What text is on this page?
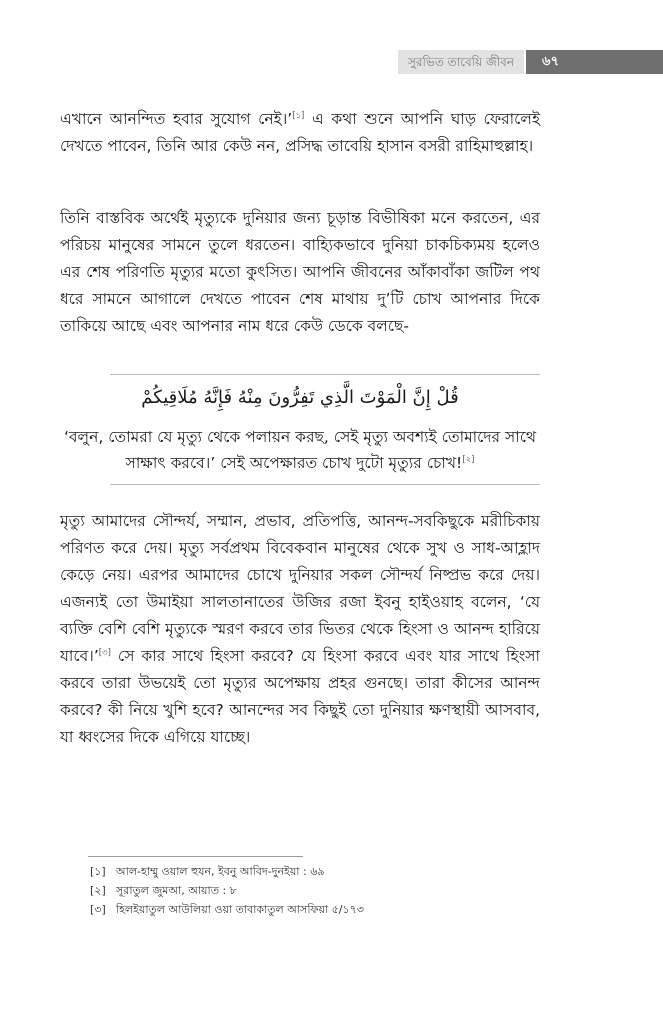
সুরভিত তাবেয়ি জীবন	৬৭

এখানে আনন্দিত হবার সুযোগ নেই।’[১] এ কথা শুনে আপনি ঘাড় ফেরালেই দেখতে পাবেন, তিনি আর কেউ নন, প্রসিদ্ধ তাবেয়ি হাসান বসরী রাহিমাহুল্লাহ।

তিনি বাস্তবিক অর্থেই মৃত্যুকে দুনিয়ার জন্য চূড়ান্ত বিভীষিকা মনে করতেন, এর পরিচয় মানুষের সামনে তুলে ধরতেন। বাহ্যিকভাবে দুনিয়া চাকচিক্যময় হলেও এর শেষ পরিণতি মৃত্যুর মতো কুৎসিত। আপনি জীবনের আঁকাবাঁকা জটিল পথ ধরে সামনে আগালে দেখতে পাবেন শেষ মাথায় দু’টি চোখ আপনার দিকে তাকিয়ে আছে এবং আপনার নাম ধরে কেউ ডেকে বলছে-

قُلْ إِنَّ الْمَوْتَ الَّذِي تَفِرُّونَ مِنْهُ فَإِنَّهُ مُلَاقِيكُمْ

‘বলুন, তোমরা যে মৃত্যু থেকে পলায়ন করছ, সেই মৃত্যু অবশ্যই তোমাদের সাথে সাক্ষাৎ করবে।’ সেই অপেক্ষারত চোখ দুটো মৃত্যুর চোখ![২]

মৃত্যু আমাদের সৌন্দর্য, সম্মান, প্রভাব, প্রতিপত্তি, আনন্দ-সবকিছুকে মরীচিকায় পরিণত করে দেয়। মৃত্যু সর্বপ্রথম বিবেকবান মানুষের থেকে সুখ ও সাধ-আহ্লাদ কেড়ে নেয়। এরপর আমাদের চোখে দুনিয়ার সকল সৌন্দর্য নিষ্প্রভ করে দেয়। এজন্যই তো উমাইয়া সালতানাতের উজির রজা ইবনু হাইওয়াহ বলেন, ‘যে ব্যক্তি বেশি বেশি মৃত্যুকে স্মরণ করবে তার ভিতর থেকে হিংসা ও আনন্দ হারিয়ে যাবে।’[৩] সে কার সাথে হিংসা করবে? যে হিংসা করবে এবং যার সাথে হিংসা করবে তারা উভয়েই তো মৃত্যুর অপেক্ষায় প্রহর গুনছে। তারা কীসের আনন্দ করবে? কী নিয়ে খুশি হবে? আনন্দের সব কিছুই তো দুনিয়ার ক্ষণস্থায়ী আসবাব, যা ধ্বংসের দিকে এগিয়ে যাচ্ছে।

[১] আল-হাম্মু ওয়াল হুযন, ইবনু আবিদ-দুনইয়া : ৬৯
[২] সূরাতুল জুমআ, আয়াত : ৮
[৩] হিলইয়াতুল আউলিয়া ওয়া তাবাকাতুল আসফিয়া ৫/১৭৩
